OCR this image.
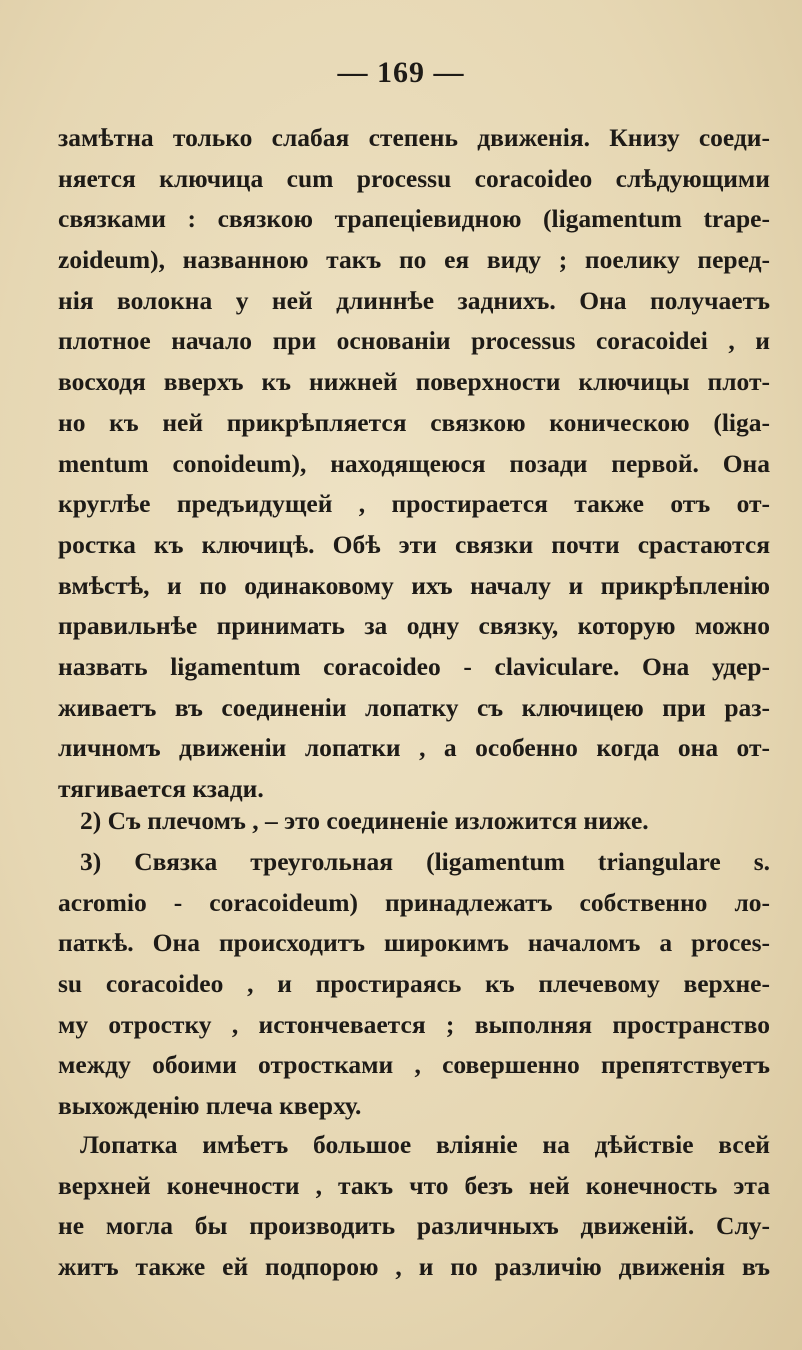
— 169 —
замѣтна только слабая степень движенія. Книзу соеди-
няется ключица cum processu coracoideo слѣдующими
связками : связкою трапеціевидною (ligamentum trape-
zoideum), названною такъ по ея виду ; поелику перед-
нія волокна у ней длиннѣе заднихъ. Она получаетъ
плотное начало при основаніи processus coracoidei , и
восходя вверхъ къ нижней поверхности ключицы плот-
но къ ней прикрѣпляется связкою коническою (liga-
mentum conoideum), находящеюся позади первой. Она
круглѣе предъидущей , простирается также отъ от-
ростка къ ключицѣ. Обѣ эти связки почти срастаются
вмѣстѣ, и по одинаковому ихъ началу и прикрѣпленію
правильнѣе принимать за одну связку, которую можно
назвать ligamentum coracoideo - claviculare. Она удер-
живаетъ въ соединеніи лопатку съ ключицею при раз-
личномъ движеніи лопатки , а особенно когда она от-
тягивается кзади.
2) Съ плечомъ , – это соединеніе изложится ниже.
3) Связка треугольная (ligamentum triangulare s.
acromio - coracoideum) принадлежатъ собственно ло-
паткѣ. Она происходитъ широкимъ началомъ a proces-
su coracoideo , и простираясь къ плечевому верхне-
му отростку , истончевается ; выполняя пространство
между обоими отростками , совершенно препятствуетъ
выхожденію плеча кверху.
Лопатка имѣетъ большое вліяніе на дѣйствіе всей
верхней конечности , такъ что безъ ней конечность эта
не могла бы производить различныхъ движеній. Слу-
житъ также ей подпорою , и по различію движенія въ
